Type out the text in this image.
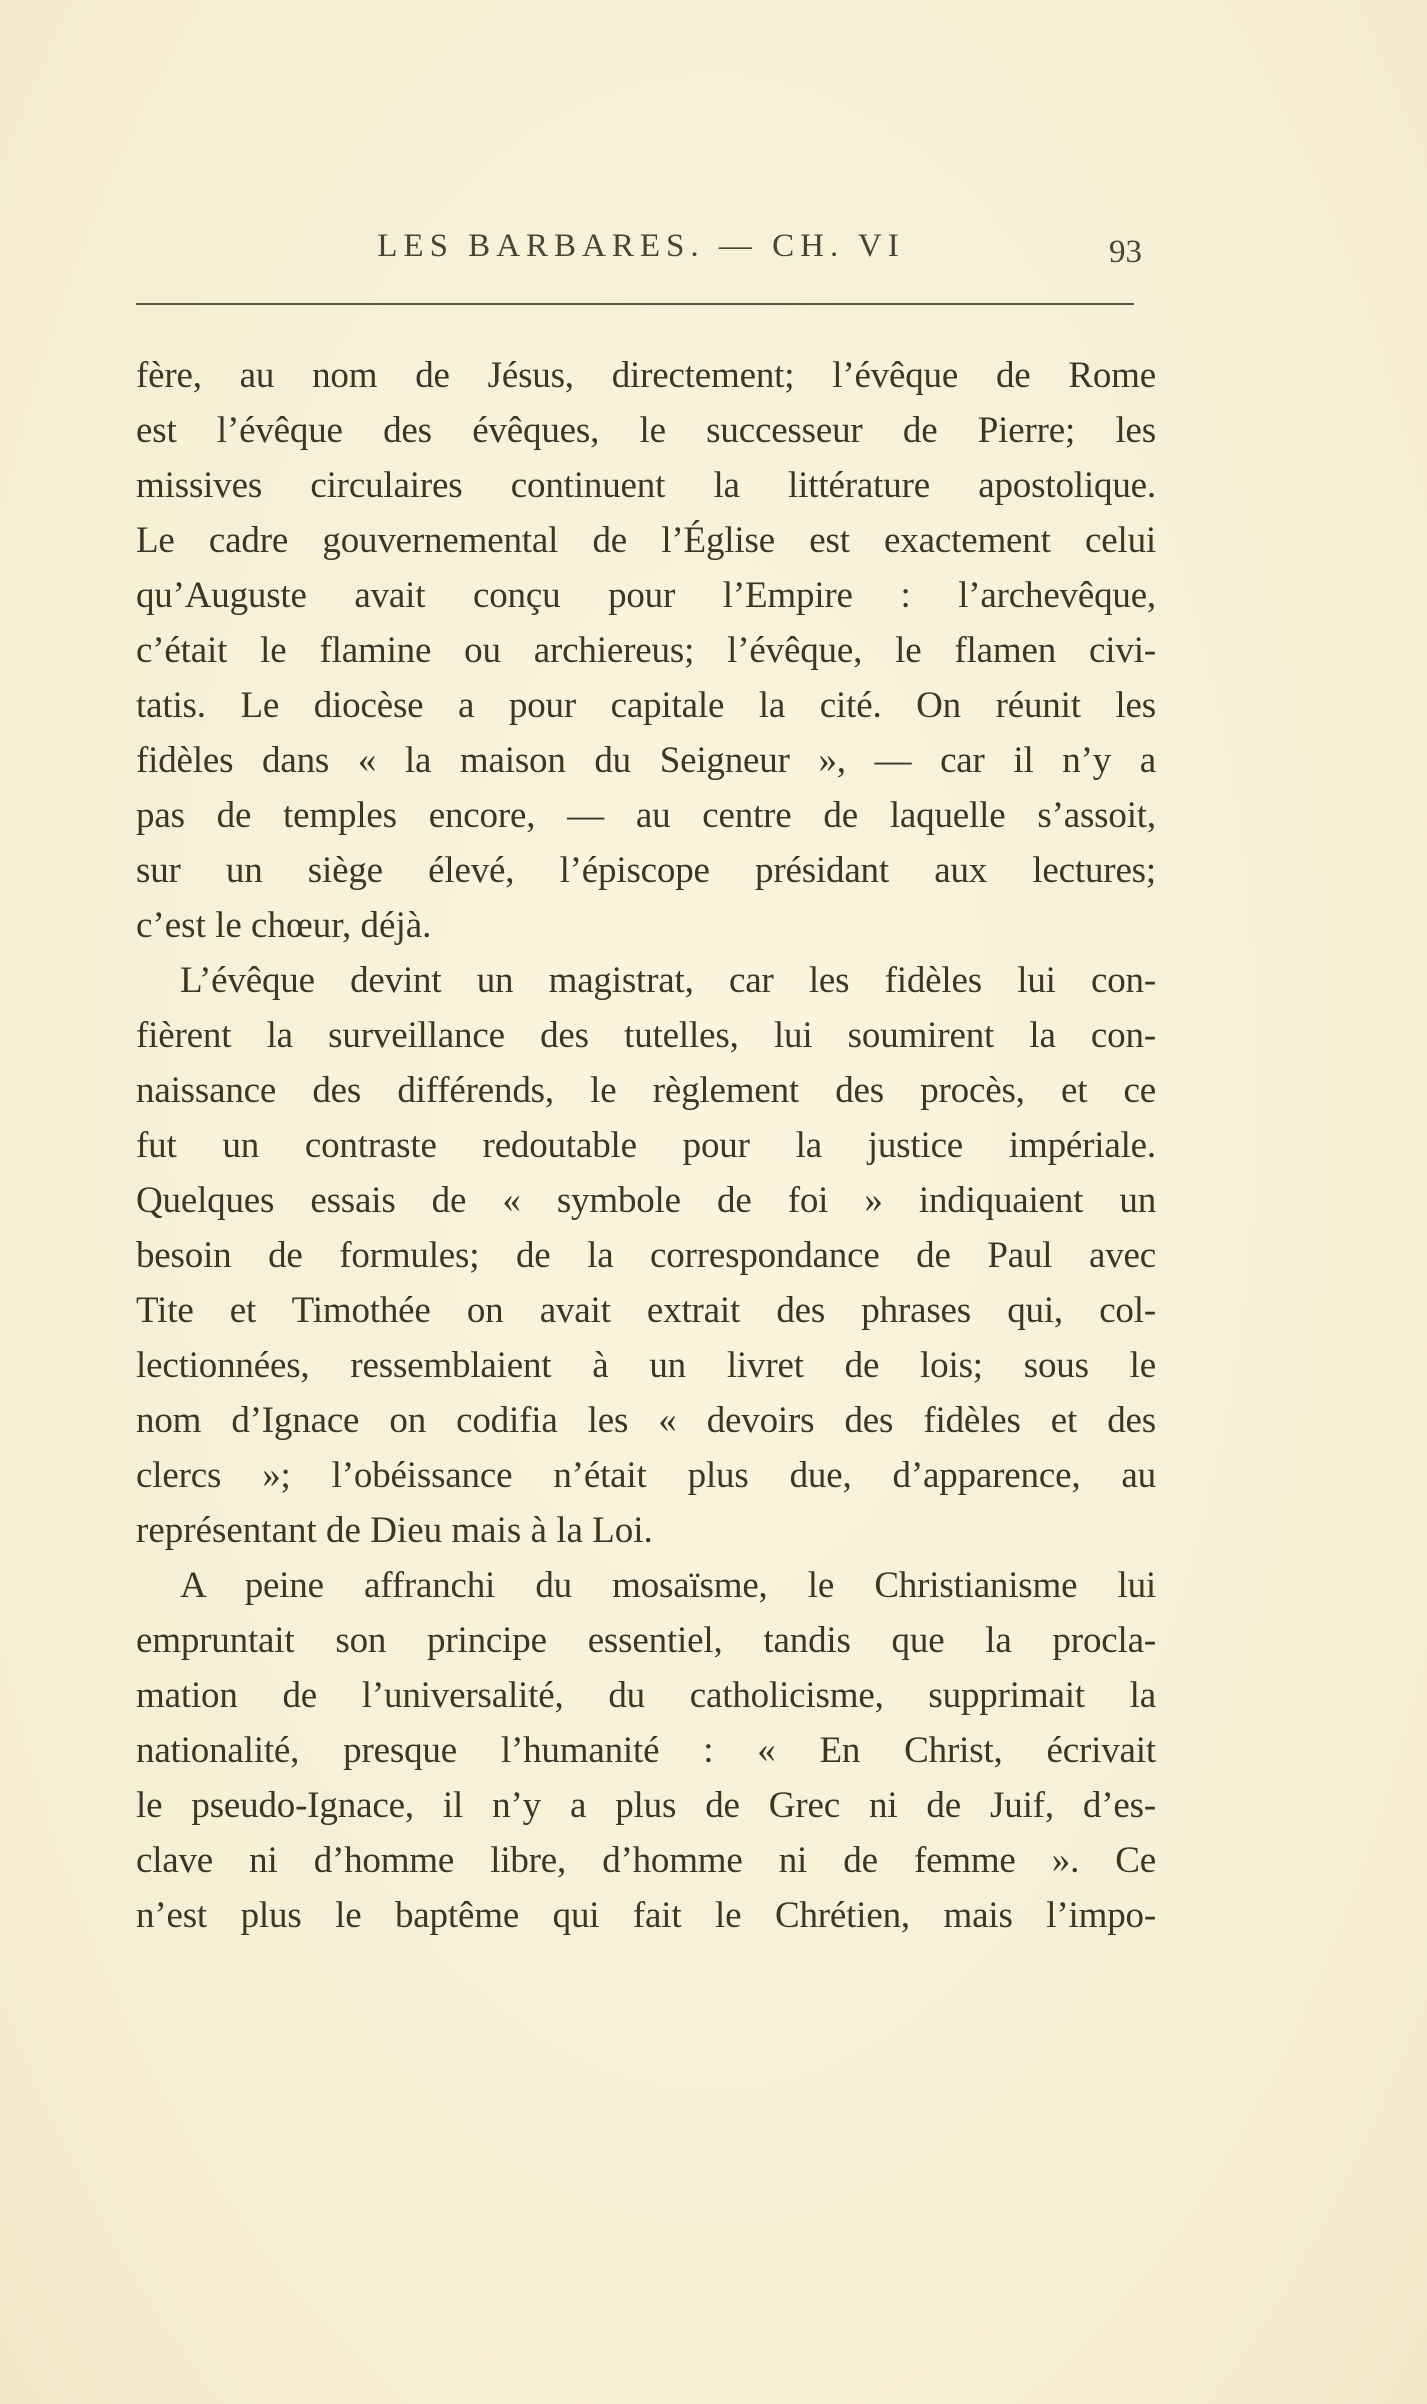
LES BARBARES. — CH. VI	93
fère, au nom de Jésus, directement; l’évêque de Rome
est l’évêque des évêques, le successeur de Pierre; les
missives circulaires continuent la littérature apostolique.
Le cadre gouvernemental de l’Église est exactement celui
qu’Auguste avait conçu pour l’Empire : l’archevêque,
c’était le flamine ou archiereus; l’évêque, le flamen civi-
tatis. Le diocèse a pour capitale la cité. On réunit les
fidèles dans « la maison du Seigneur », — car il n’y a
pas de temples encore, — au centre de laquelle s’assoit,
sur un siège élevé, l’épiscope présidant aux lectures;
c’est le chœur, déjà.
L’évêque devint un magistrat, car les fidèles lui con-
fièrent la surveillance des tutelles, lui soumirent la con-
naissance des différends, le règlement des procès, et ce
fut un contraste redoutable pour la justice impériale.
Quelques essais de « symbole de foi » indiquaient un
besoin de formules; de la correspondance de Paul avec
Tite et Timothée on avait extrait des phrases qui, col-
lectionnées, ressemblaient à un livret de lois; sous le
nom d’Ignace on codifia les « devoirs des fidèles et des
clercs »; l’obéissance n’était plus due, d’apparence, au
représentant de Dieu mais à la Loi.
A peine affranchi du mosaïsme, le Christianisme lui
empruntait son principe essentiel, tandis que la procla-
mation de l’universalité, du catholicisme, supprimait la
nationalité, presque l’humanité : « En Christ, écrivait
le pseudo-Ignace, il n’y a plus de Grec ni de Juif, d’es-
clave ni d’homme libre, d’homme ni de femme ». Ce
n’est plus le baptême qui fait le Chrétien, mais l’impo-
